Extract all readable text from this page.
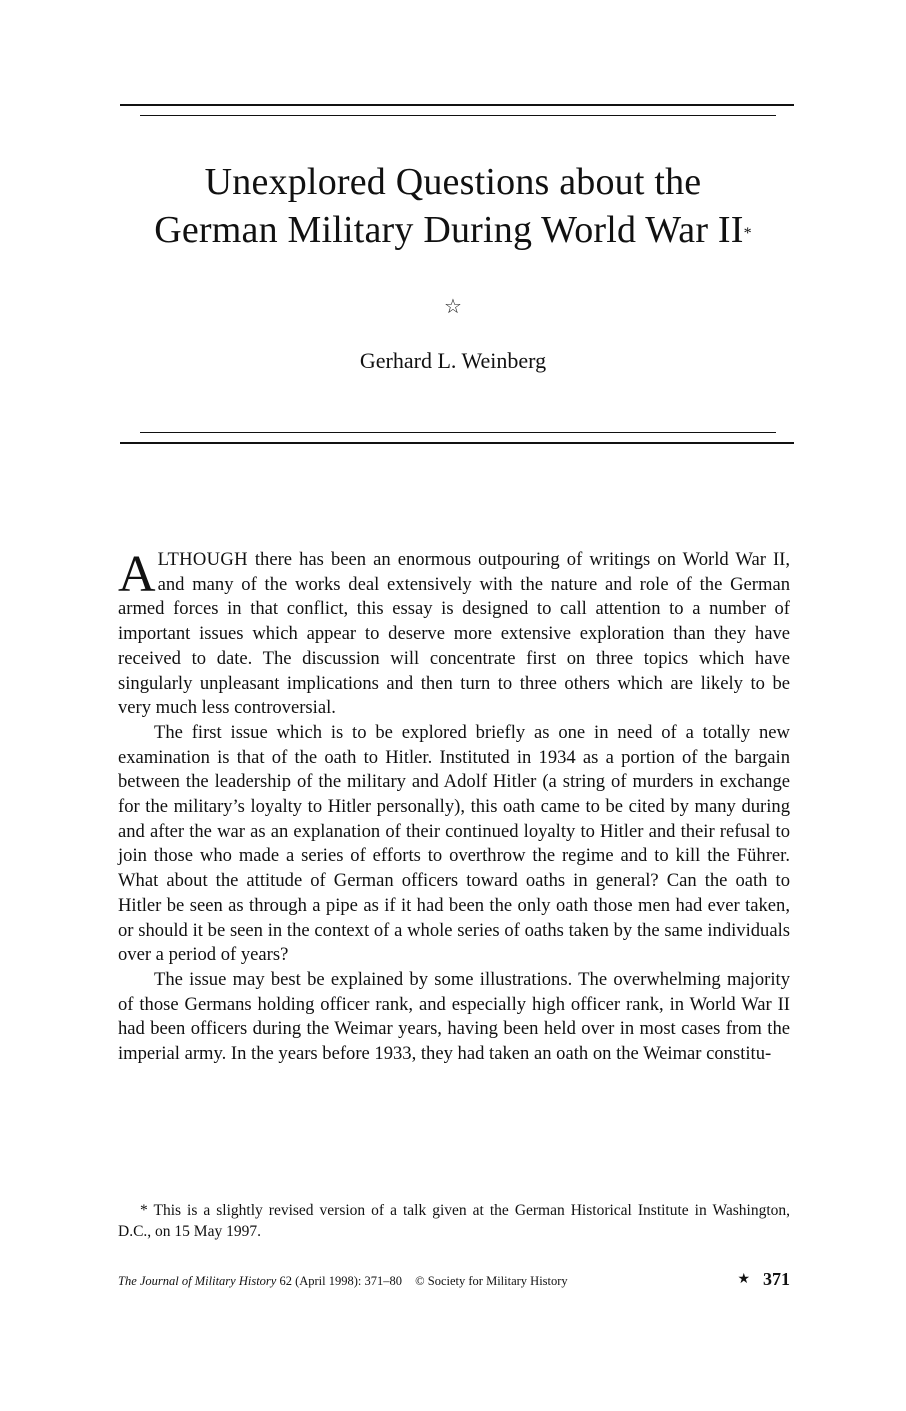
Unexplored Questions about the
German Military During World War II*
☆
Gerhard L. Weinberg

ALTHOUGH there has been an enormous outpouring of writings on World War II, and many of the works deal extensively with the nature and role of the German armed forces in that conflict, this essay is designed to call attention to a number of important issues which appear to deserve more extensive exploration than they have received to date. The discussion will concentrate first on three topics which have singularly unpleasant implications and then turn to three others which are likely to be very much less controversial.

The first issue which is to be explored briefly as one in need of a totally new examination is that of the oath to Hitler. Instituted in 1934 as a portion of the bargain between the leadership of the military and Adolf Hitler (a string of murders in exchange for the military’s loyalty to Hitler personally), this oath came to be cited by many during and after the war as an explanation of their continued loyalty to Hitler and their refusal to join those who made a series of efforts to overthrow the regime and to kill the Führer. What about the attitude of German officers toward oaths in general? Can the oath to Hitler be seen as through a pipe as if it had been the only oath those men had ever taken, or should it be seen in the context of a whole series of oaths taken by the same individuals over a period of years?

The issue may best be explained by some illustrations. The overwhelming majority of those Germans holding officer rank, and especially high officer rank, in World War II had been officers during the Weimar years, having been held over in most cases from the imperial army. In the years before 1933, they had taken an oath on the Weimar constitu-

* This is a slightly revised version of a talk given at the German Historical Institute in Washington, D.C., on 15 May 1997.
The Journal of Military History 62 (April 1998): 371–80 © Society for Military History	★ 371
